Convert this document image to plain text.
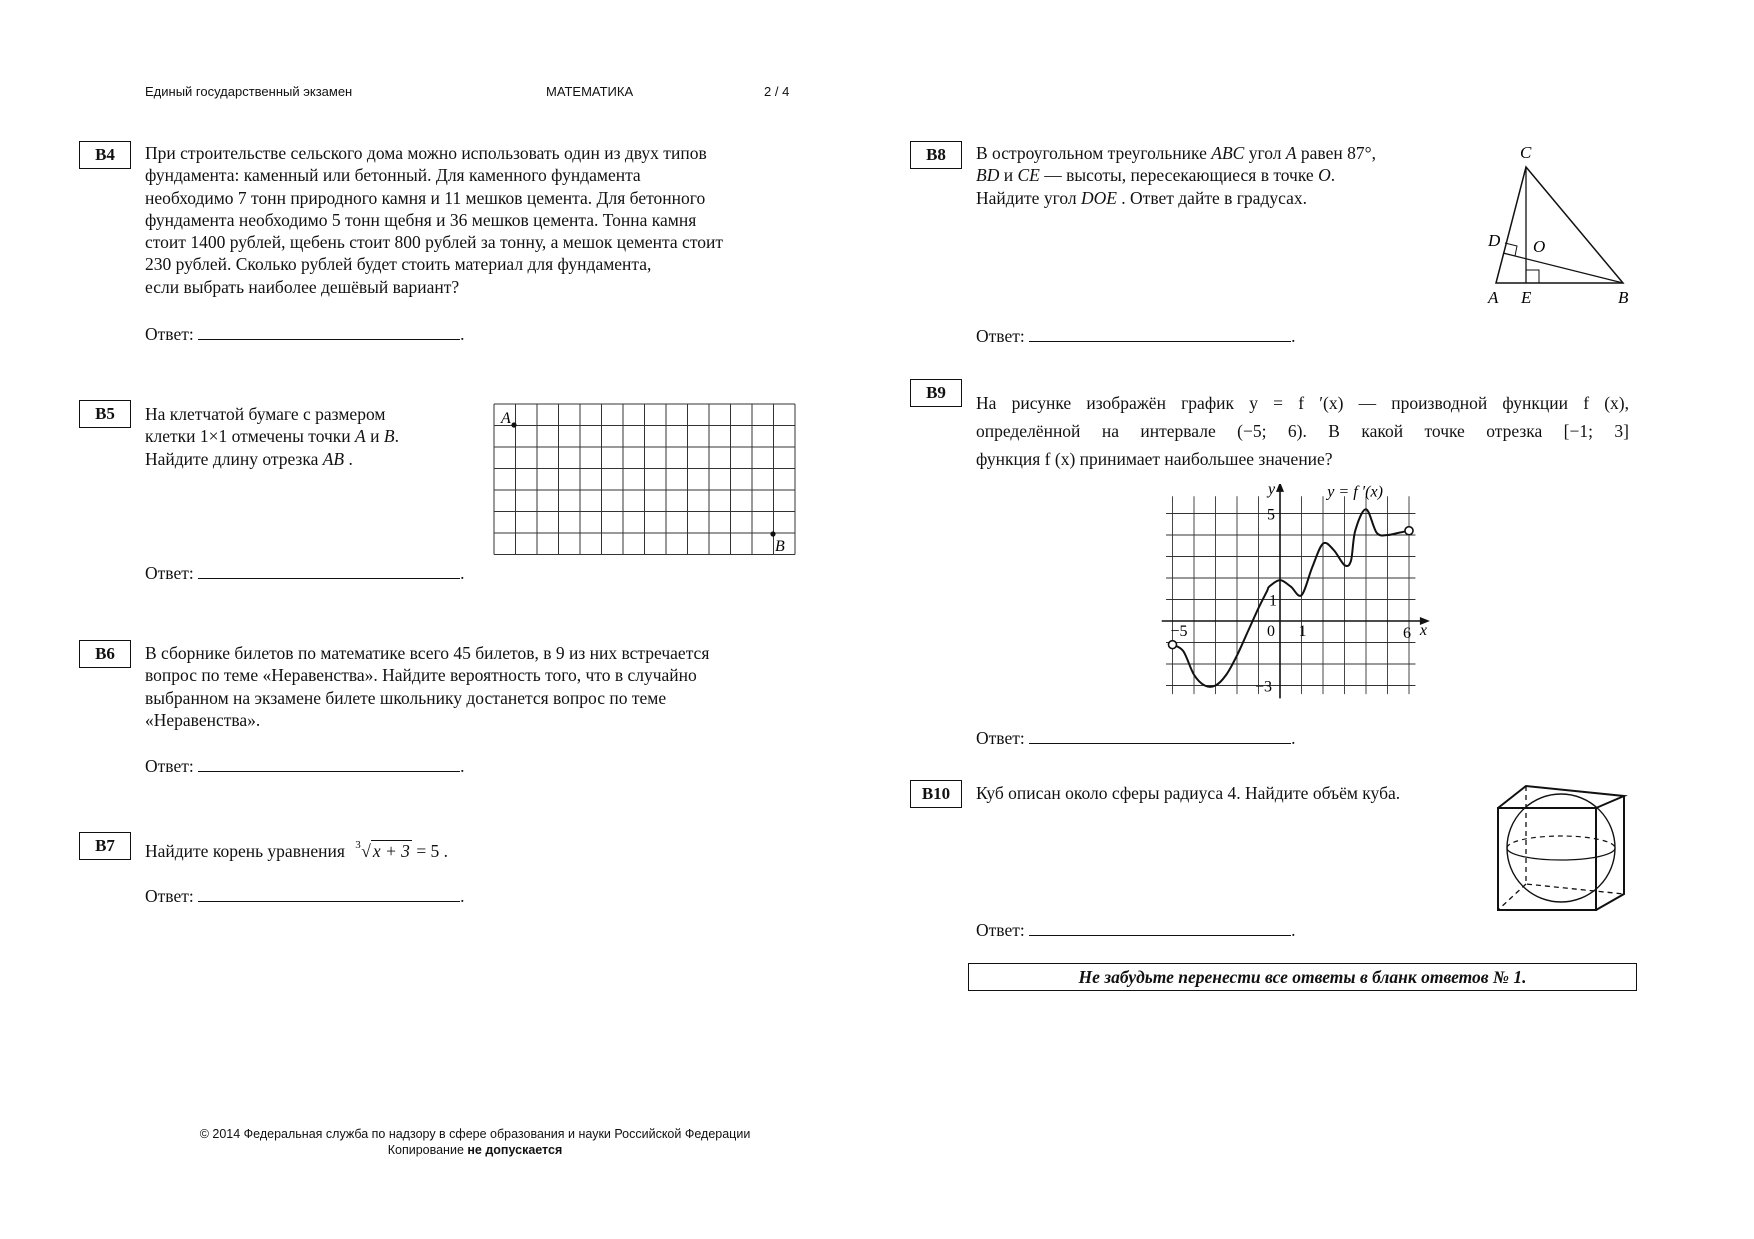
Единый государственный экзамен	МАТЕМАТИКА	2 / 4
B4	При строительстве сельского дома можно использовать один из двух типов
фундамента: каменный или бетонный. Для каменного фундамента
необходимо 7 тонн природного камня и 11 мешков цемента. Для бетонного
фундамента необходимо 5 тонн щебня и 36 мешков цемента. Тонна камня
стоит 1400 рублей, щебень стоит 800 рублей за тонну, а мешок цемента стоит
230 рублей. Сколько рублей будет стоить материал для фундамента,
если выбрать наиболее дешёвый вариант?
Ответ:	.
B5	На клетчатой бумаге с размером
клетки 1×1 отмечены точки A и B.
Найдите длину отрезка AB .
A
B
Ответ:	.
B6	В сборнике билетов по математике всего 45 билетов, в 9 из них встречается
вопрос по теме «Неравенства». Найдите вероятность того, что в случайно
выбранном на экзамене билете школьнику достанется вопрос по теме
«Неравенства».
Ответ:	.
B7	Найдите корень уравнения 3 √ x + 3 = 5 .
Ответ:	.
B8	В остроугольном треугольнике ABC угол A равен 87°,
BD и CE — высоты, пересекающиеся в точке O.
Найдите угол DOE . Ответ дайте в градусах.
C
D O
A E	B
Ответ:	.
B9
На рисунке изображён график y = f ′(x) — производной функции f (x),
определённой на интервале (−5; 6). В какой точке отрезка [−1; 3]
функция f (x) принимает наибольшее значение?
−5	0 1	6
5
1
−3
x
y	y = f ′(x)
Ответ:	.
B10	Куб описан около сферы радиуса 4. Найдите объём куба.
Ответ:	.
Не забудьте перенести все ответы в бланк ответов № 1.
© 2014 Федеральная служба по надзору в сфере образования и науки Российской Федерации
Копирование не допускается
